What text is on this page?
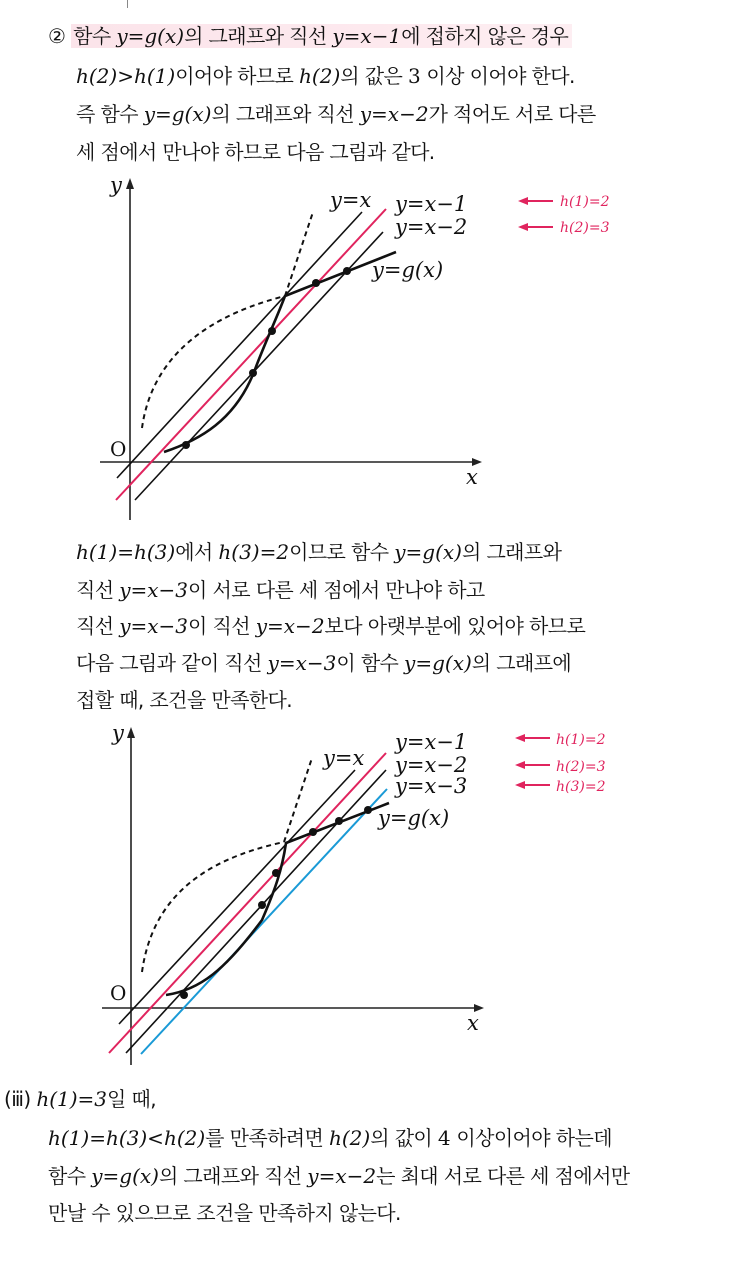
② 함수 y=g(x)의 그래프와 직선 y=x−1에 접하지 않은 경우
h(2)>h(1)이어야 하므로 h(2)의 값은 3 이상 이어야 한다.
즉 함수 y=g(x)의 그래프와 직선 y=x−2가 적어도 서로 다른
세 점에서 만나야 하므로 다음 그림과 같다.
y
x
O
y=x y=x−1
y=x−2
y=g(x)
h(1)=2
h(2)=3
h(1)=h(3)에서 h(3)=2이므로 함수 y=g(x)의 그래프와
직선 y=x−3이 서로 다른 세 점에서 만나야 하고
직선 y=x−3이 직선 y=x−2보다 아랫부분에 있어야 하므로
다음 그림과 같이 직선 y=x−3이 함수 y=g(x)의 그래프에
접할 때, 조건을 만족한다.
y
x
O
y=x
y=x−1
y=x−2
y=x−3
y=g(x)
h(1)=2
h(2)=3
h(3)=2
(ⅲ) h(1)=3일 때,
h(1)=h(3)<h(2)를 만족하려면 h(2)의 값이 4 이상이어야 하는데
함수 y=g(x)의 그래프와 직선 y=x−2는 최대 서로 다른 세 점에서만
만날 수 있으므로 조건을 만족하지 않는다.
